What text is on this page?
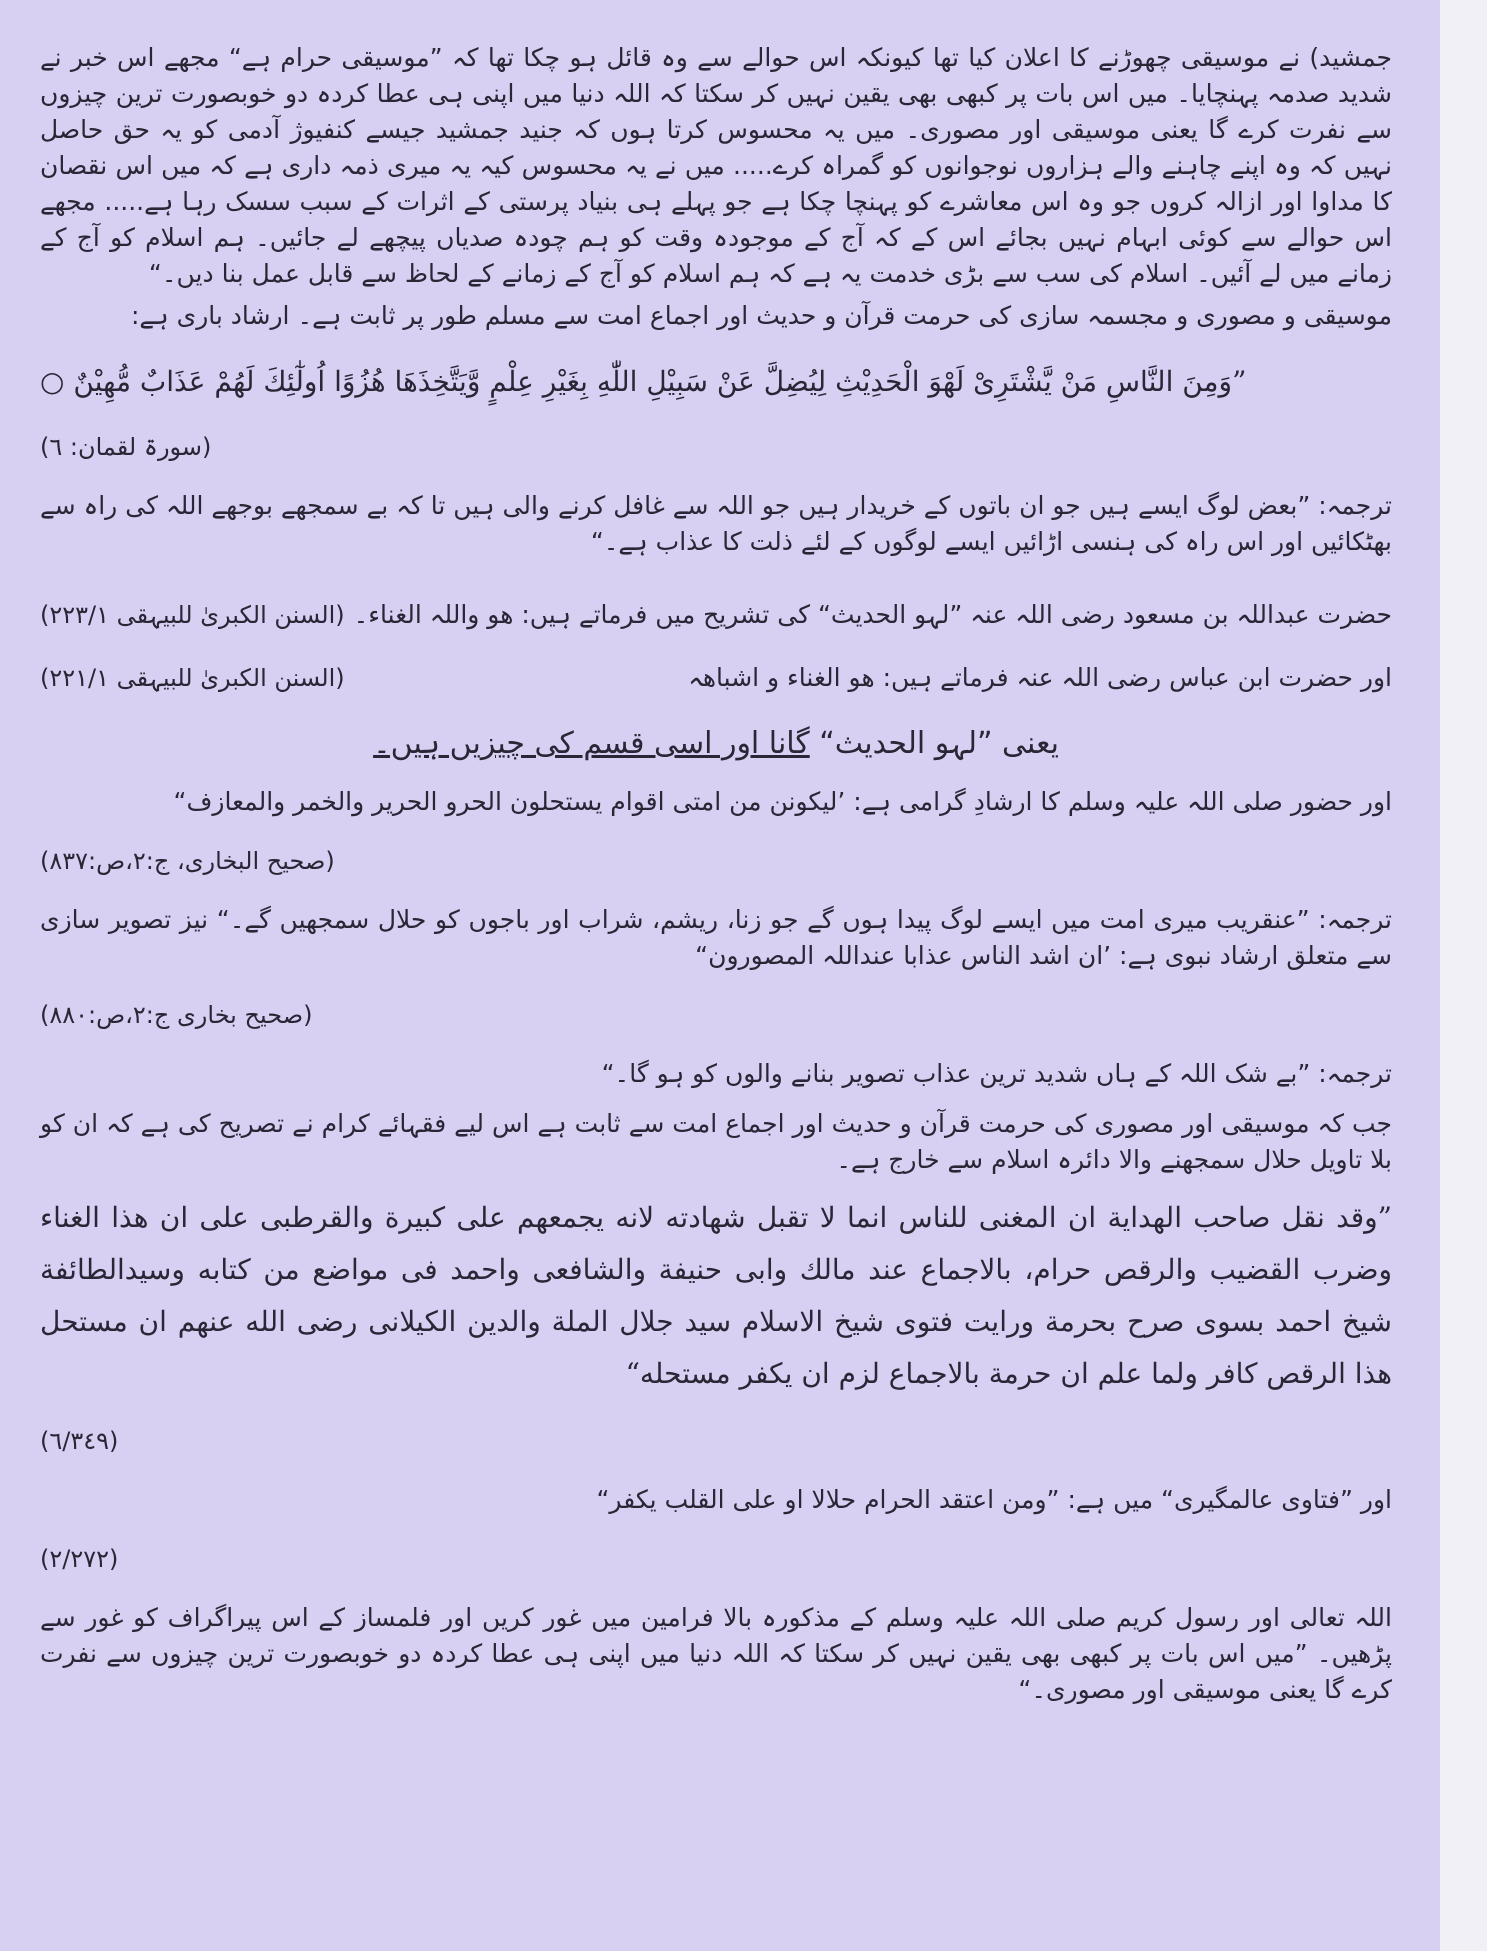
جمشید) نے موسیقی چھوڑنے کا اعلان کیا تھا کیونکہ اس حوالے سے وہ قائل ہو چکا تھا کہ ”موسیقی حرام ہے“ مجھے اس خبر نے شدید صدمہ پہنچایا۔ میں اس بات پر کبھی بھی یقین نہیں کر سکتا کہ اللہ دنیا میں اپنی ہی عطا کردہ دو خوبصورت ترین چیزوں سے نفرت کرے گا یعنی موسیقی اور مصوری۔ میں یہ محسوس کرتا ہوں کہ جنید جمشید جیسے کنفیوژ آدمی کو یہ حق حاصل نہیں کہ وہ اپنے چاہنے والے ہزاروں نوجوانوں کو گمراہ کرے..... میں نے یہ محسوس کیہ یہ میری ذمہ داری ہے کہ میں اس نقصان کا مداوا اور ازالہ کروں جو وہ اس معاشرے کو پہنچا چکا ہے جو پہلے ہی بنیاد پرستی کے اثرات کے سبب سسک رہا ہے..... مجھے اس حوالے سے کوئی ابہام نہیں بجائے اس کے کہ آج کے موجودہ وقت کو ہم چودہ صدیاں پیچھے لے جائیں۔ ہم اسلام کو آج کے زمانے میں لے آئیں۔ اسلام کی سب سے بڑی خدمت یہ ہے کہ ہم اسلام کو آج کے زمانے کے لحاظ سے قابل عمل بنا دیں۔“

موسیقی و مصوری و مجسمہ سازی کی حرمت قرآن و حدیث اور اجماع امت سے مسلم طور پر ثابت ہے۔ ارشاد باری ہے:

”وَمِنَ النَّاسِ مَنْ يَّشْتَرِىْ لَهْوَ الْحَدِيْثِ لِيُضِلَّ عَنْ سَبِيْلِ اللّٰهِ بِغَيْرِ عِلْمٍ وَّيَتَّخِذَهَا هُزُوًا اُولٰٓئِكَ لَهُمْ عَذَابٌ مُّهِيْنٌ ○

(سورۃ لقمان: ٦)

ترجمہ: ”بعض لوگ ایسے ہیں جو ان باتوں کے خریدار ہیں جو اللہ سے غافل کرنے والی ہیں تا کہ بے سمجھے بوجھے اللہ کی راہ سے بھٹکائیں اور اس راہ کی ہنسی اڑائیں ایسے لوگوں کے لئے ذلت کا عذاب ہے۔“

حضرت عبداللہ بن مسعود رضی اللہ عنہ ”لہو الحدیث“ کی تشریح میں فرماتے ہیں: ھو واللہ الغناء۔

(السنن الکبریٰ للبیہقی ۲۲۳/۱)

اور حضرت ابن عباس رضی اللہ عنہ فرماتے ہیں: ھو الغناء و اشباھہ

(السنن الکبریٰ للبیہقی ۲۲۱/۱)

یعنی ”لہو الحدیث“ گانا اور اسی قسم کی چیزیں ہیں۔

اور حضور صلی اللہ علیہ وسلم کا ارشادِ گرامی ہے: ’لیکونن من امتی اقوام یستحلون الحرو الحریر والخمر والمعازف“

(صحیح البخاری، ج:۲،ص:۸۳۷)

ترجمہ: ”عنقریب میری امت میں ایسے لوگ پیدا ہوں گے جو زنا، ریشم، شراب اور باجوں کو حلال سمجھیں گے۔“ نیز تصویر سازی سے متعلق ارشاد نبوی ہے: ’ان اشد الناس عذابا عنداللہ المصورون“

(صحیح بخاری ج:۲،ص:۸۸۰)

ترجمہ: ”بے شک اللہ کے ہاں شدید ترین عذاب تصویر بنانے والوں کو ہو گا۔“

جب کہ موسیقی اور مصوری کی حرمت قرآن و حدیث اور اجماع امت سے ثابت ہے اس لیے فقہائے کرام نے تصریح کی ہے کہ ان کو بلا تاویل حلال سمجھنے والا دائرہ اسلام سے خارج ہے۔

”وقد نقل صاحب الهداية ان المغنى للناس انما لا تقبل شهادته لانه يجمعهم على كبيرة والقرطبى على ان هذا الغناء وضرب القضيب والرقص حرام، بالاجماع عند مالك وابى حنيفة والشافعى واحمد فى مواضع من كتابه وسيدالطائفة شيخ احمد بسوى صرح بحرمة ورايت فتوى شيخ الاسلام سيد جلال الملة والدين الكيلانى رضى الله عنهم ان مستحل هذا الرقص كافر ولما علم ان حرمة بالاجماع لزم ان يكفر مستحله“

(٦/٣٤٩)

اور ”فتاوی عالمگیری“ میں ہے: ”ومن اعتقد الحرام حلالا او على القلب يكفر“

(٢/٢٧٢)

اللہ تعالی اور رسول کریم صلی اللہ علیہ وسلم کے مذکورہ بالا فرامین میں غور کریں اور فلمساز کے اس پیراگراف کو غور سے پڑھیں۔ ”میں اس بات پر کبھی بھی یقین نہیں کر سکتا کہ اللہ دنیا میں اپنی ہی عطا کردہ دو خوبصورت ترین چیزوں سے نفرت کرے گا یعنی موسیقی اور مصوری۔“
